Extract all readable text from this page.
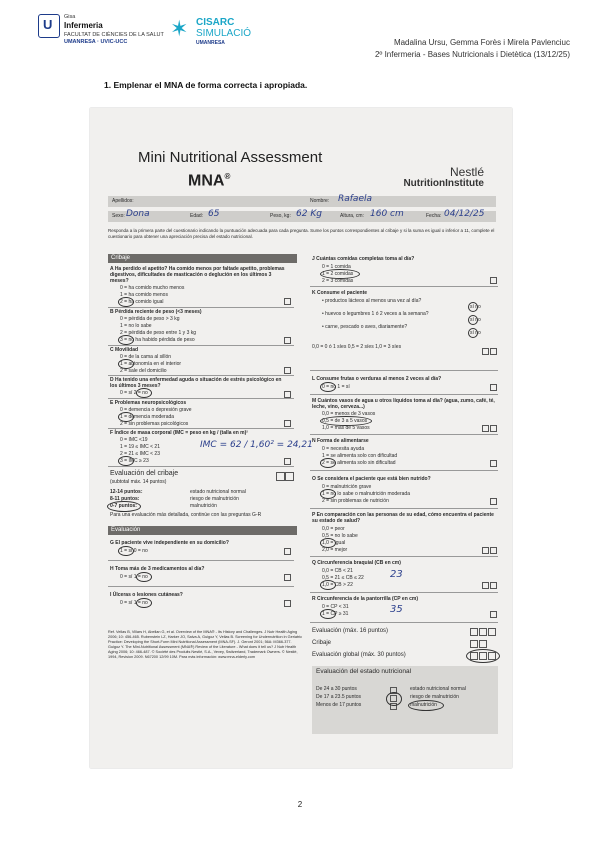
U Gisa
Infermeria
FACULTAT DE CIÈNCIES DE LA SALUT
UMANRESA · UVIC-UCC
✶ CISARC
SIMULACIÓ
UMANRESA	Madalina Ursu, Gemma Forès i Mirela Pavlenciuc
2º Infermeria - Bases Nutricionals i Dietètica (13/12/25)
1. Emplenar el MNA de forma correcta i apropiada.
Mini Nutritional Assessment
MNA®	Nestlé
NutritionInstitute
Apellidos:	Nombre: Rafaela
Sexo: Dona	Edad: 65	Peso, kg: 62 Kg	Altura, cm: 160 cm	Fecha: 04/12/25
Responda a la primera parte del cuestionario indicando la puntuación adecuada para cada pregunta. Sume los puntos correspondientes al cribaje y si la suma es igual o inferior a 11, complete el cuestionario para obtener una apreciación precisa del estado nutricional.
Cribaje
A Ha perdido el apetito? Ha comido menos por faltade apetito, problemas digestivos, dificultades de masticación o deglución en los últimos 3 meses?
0 = ha comido mucho menos
1 = ha comido menos
2 = ha comido igual
B Pérdida reciente de peso (<3 meses)
0 = pérdida de peso > 3 kg
1 = no lo sabe
2 = pérdida de peso entre 1 y 3 kg
3 = no ha habido pérdida de peso
C Movilidad
0 = de la cama al sillón
1 = autonomía en el interior
2 = sale del domicilio
D Ha tenido una enfermedad aguda o situación de estrés psicológico en los últimos 3 meses?
0 = sí 2 = no
E Problemas neuropsicológicos
0 = demencia o depresión grave
1 = demencia moderada
2 = sin problemas psicológicos
F Índice de masa corporal (IMC = peso en kg / (talla en m)²
0 = IMC <19
1 = 19 ≤ IMC < 21
2 = 21 ≤ IMC < 23
3 = IMC ≥ 23
IMC = 62 / 1,60² = 24,21
Evaluación del cribaje
(subtotal máx. 14 puntos)
12-14 puntos:	estado nutricional normal
8-11 puntos:	riesgo de malnutrición
0-7 puntos:	malnutrición
Para una evaluación más detallada, continúe con las preguntas G-R
Evaluación
G El paciente vive independiente en su domicilio?
1 = sí 0 = no
H Toma más de 3 medicamentos al día?
0 = sí 1 = no
I Úlceras o lesiones cutáneas?
0 = sí 1 = no
J Cuántas comidas completas toma al día?
0 = 1 comida
1 = 2 comidas
2 = 3 comidas
K Consume el paciente
• productos lácteos al menos una vez al día?
• huevos o legumbres 1 ó 2 veces a la semana?
• carne, pescado o aves, diariamente?
sí no
sí no
sí no
0,0 = 0 ó 1 síes 0,5 = 2 síes 1,0 = 3 síes
L Consume frutas o verduras al menos 2 veces al día?
0 = no 1 = sí
M Cuántos vasos de agua u otros líquidos toma al día? (agua, zumo, café, té, leche, vino, cerveza...)
0,0 = menos de 3 vasos
0,5 = de 3 a 5 vasos
1,0 = más de 5 vasos
N Forma de alimentarse
0 = necesita ayuda
1 = se alimenta solo con dificultad
2 = se alimenta solo sin dificultad
O Se considera el paciente que está bien nutrido?
0 = malnutrición grave
1 = no lo sabe o malnutrición moderada
2 = sin problemas de nutrición
P En comparación con las personas de su edad, cómo encuentra el paciente su estado de salud?
0,0 = peor
0,5 = no lo sabe
1,0 = igual
2,0 = mejor
Q Circunferencia braquial (CB en cm)
0,0 = CB < 21
0,5 = 21 ≤ CB ≤ 22
1,0 = CB > 22
23
R Circunferencia de la pantorrilla (CP en cm)
0 = CP < 31
1 = CP ≥ 31	35
Evaluación (máx. 16 puntos)
Cribaje
Evaluación global (máx. 30 puntos)
Evaluación del estado nutricional
De 24 a 30 puntos	estado nutricional normal
De 17 a 23.5 puntos	riesgo de malnutrición
Menos de 17 puntos	malnutrición
Ref. Vellas B, Villars H, Abellan G, et al. Overview of the MNA® - Its History and Challenges. J Nutr Health Aging 2006; 10: 456-465. Rubenstein LZ, Harker JO, Salva A, Guigoz Y, Vellas B. Screening for Undernutrition in Geriatric Practice: Developing the Short-Form Mini Nutritional Assessment (MNA-SF). J. Geront 2001; 56A: M366-377. Guigoz Y. The Mini-Nutritional Assessment (MNA®) Review of the Literature - What does it tell us? J Nutr Health Aging 2006; 10: 466-487. © Société des Produits Nestlé, S.A., Vevey, Switzerland, Trademark Owners. © Nestlé, 1994, Revision 2009. N67200 12/99 10M. Para más información: www.mna-elderly.com
2
